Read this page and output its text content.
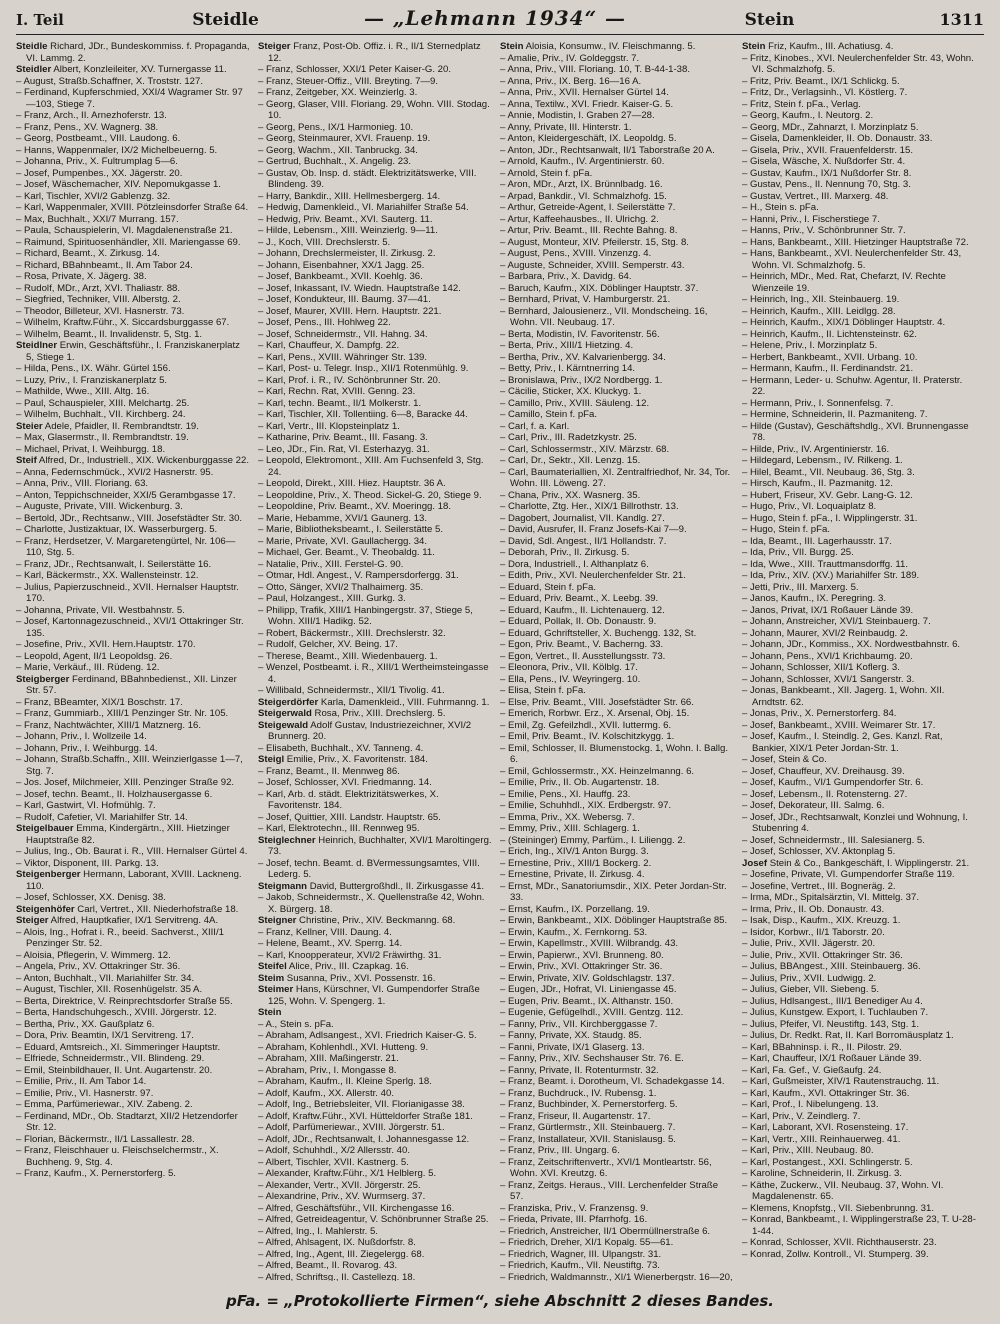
I. Teil	Steidle	— „Lehmann 1934“ —	Stein	1311

Steidle Richard, JDr., Bundeskommiss. f. Propaganda, VI. Lammg. 2.

Steidler Albert, Konzleileiter, XV. Turnergasse 11.

– August, Straßb.Schaffner, X. Troststr. 127.

– Ferdinand, Kupferschmied, XXI/4 Wagramer Str. 97—103, Stiege 7.

– Franz, Arch., II. Arnezhoferstr. 13.

– Franz, Pens., XV. Wagnerg. 38.

– Georg, Postbeamt., VIII. Laudong. 6.

– Hanns, Wappenmaler, IX/2 Michelbeuerng. 5.

– Johanna, Priv., X. Fultrumplag 5—6.

– Josef, Pumpenbes., XX. Jägerstr. 20.

– Josef, Wäschemacher, XIV. Nepomukgasse 1.

– Karl, Tischler, XVI/2 Gablenzg. 32.

– Karl, Wappenmaler, XVIII. Pötzleinsdorfer Straße 64.

– Max, Buchhalt., XXI/7 Murrang. 157.

– Paula, Schauspielerin, VI. Magdalenenstraße 21.

– Raimund, Spirituosenhändler, XII. Mariengasse 69.

– Richard, Beamt., X. Zirkusg. 14.

– Richard, BBahnbeamt., II. Am Tabor 24.

– Rosa, Private, X. Jägerg. 38.

– Rudolf, MDr., Arzt, XVI. Thaliastr. 88.

– Siegfried, Techniker, VIII. Alberstg. 2.

– Theodor, Billeteur, XVI. Hasnerstr. 73.

– Wilhelm, Kraftw.Führ., X. Siccardsburggasse 67.

– Wilhelm, Beamt., II. Invalidenstr. 5, Stg. 1.

Steidlner Erwin, Geschäftsführ., I. Franziskanerplatz 5, Stiege 1.

– Hilda, Pens., IX. Währ. Gürtel 156.

– Luzy, Priv., I. Franziskanerplatz 5.

– Mathilde, Wwe., XIII. Altg. 16.

– Paul, Schauspieler, XIII. Melchartg. 25.

– Wilhelm, Buchhalt., VII. Kirchberg. 24.

Steier Adele, Pfaidler, II. Rembrandtstr. 19.

– Max, Glasermstr., II. Rembrandtstr. 19.

– Michael, Privat, I. Weihburgg. 18.

Steif Alfred, Dr., Industriell., XIX. Wickenburggasse 22.

– Anna, Federnschmück., XVI/2 Hasnerstr. 95.

– Anna, Priv., VIII. Floriang. 63.

– Anton, Teppichschneider, XXI/5 Gerambgasse 17.

– Auguste, Private, VIII. Wickenburg. 3.

– Bertold, JDr., Rechtsanw., VIII. Josefstädter Str. 30.

– Charlotte, Justizaktuar, IX. Wasserburgerg. 5.

– Franz, Herdsetzer, V. Margaretengürtel, Nr. 106—110, Stg. 5.

– Franz, JDr., Rechtsanwalt, I. Seilerstätte 16.

– Karl, Bäckermstr., XX. Wallensteinstr. 12.

– Julius, Papierzuschneid., XVII. Hernalser Hauptstr. 170.

– Johanna, Private, VII. Westbahnstr. 5.

– Josef, Kartonnagezuschneid., XVI/1 Ottakringer Str. 135.

– Josefine, Priv., XVII. Hern.Hauptstr. 170.

– Leopold, Agent, II/1 Leopoldsg. 26.

– Marie, Verkäuf., III. Rüdeng. 12.

Steigberger Ferdinand, BBahnbedienst., XII. Linzer Str. 57.

– Franz, BBeamter, XIX/1 Boschstr. 17.

– Franz, Gummiarb., XIII/1 Penzinger Str. Nr. 105.

– Franz, Nachtwächter, XIII/1 Matznerg. 16.

– Johann, Priv., I. Wollzeile 14.

– Johann, Priv., I. Weihburgg. 14.

– Johann, Straßb.Schaffn., XIII. Weinzierlgasse 1—7, Stg. 7.

– Jos. Josef, Milchmeier, XIII. Penzinger Straße 92.

– Josef, techn. Beamt., II. Holzhausergasse 6.

– Karl, Gastwirt, VI. Hofmühlg. 7.

– Rudolf, Cafetier, VI. Mariahilfer Str. 14.

Steigelbauer Emma, Kindergärtn., XIII. Hietzinger Hauptstraße 82.

– Julius, Ing., Ob. Baurat i. R., VIII. Hernalser Gürtel 4.

– Viktor, Disponent, III. Parkg. 13.

Steigenberger Hermann, Laborant, XVIII. Lackneng. 110.

– Josef, Schlosser, XX. Denisg. 38.

Steigenhöfer Carl, Vertret., XII. Niederhofstraße 18.

Steiger Alfred, Hauptkafier, IX/1 Servitreng. 4A.

– Alois, Ing., Hofrat i. R., beeid. Sachverst., XIII/1 Penzinger Str. 52.

– Aloisia, Pflegerin, V. Wimmerg. 12.

– Angela, Priv., XV. Ottakringer Str. 36.

– Anton, Buchhalt., VII. Mariahilfer Str. 34.

– August, Tischler, XII. Rosenhügelstr. 35 A.

– Berta, Direktrice, V. Reinprechtsdorfer Straße 55.

– Berta, Handschuhgesch., XVIII. Jörgerstr. 12.

– Bertha, Priv., XX. Gaußplatz 6.

– Dora, Priv. Beamtin, IX/1 Servitreng. 17.

– Eduard, Amtsreich., XI. Simmeringer Hauptstr.

– Elfriede, Schneidermstr., VII. Blindeng. 29.

– Emil, Steinbildhauer, II. Unt. Augartenstr. 20.

– Emilie, Priv., II. Am Tabor 14.

– Emilie, Priv., VI. Hasnerstr. 97.

– Emma, Parfümeriewar., XIV. Zabeng. 2.

– Ferdinand, MDr., Ob. Stadtarzt, XII/2 Hetzendorfer Str. 12.

– Florian, Bäckermstr., II/1 Lassallestr. 28.

– Franz, Fleischhauer u. Fleischselchermstr., X. Buchheng. 9, Stg. 4.

– Franz, Kaufm., X. Pernerstorferg. 5.

Steiger Franz, Post-Ob. Offiz. i. R., II/1 Sternedplatz 12.

– Franz, Schlosser, XXI/1 Peter Kaiser-G. 20.

– Franz, Steuer-Offiz., VIII. Breyting. 7—9.

– Franz, Zeitgeber, XX. Weinzierlg. 3.

– Georg, Glaser, VIII. Floriang. 29, Wohn. VIII. Stodag. 10.

– Georg, Pens., IX/1 Harmonieg. 10.

– Georg, Steinmaurer, XVI. Frauenp. 19.

– Georg, Wachm., XII. Tanbruckg. 34.

– Gertrud, Buchhalt., X. Angelig. 23.

– Gustav, Ob. Insp. d. städt. Elektrizitätswerke, VIII. Blindeng. 39.

– Harry, Bankdir., XIII. Hellmesbergerg. 14.

– Hedwig, Damenkleid., VI. Mariahilfer Straße 54.

– Hedwig, Priv. Beamt., XVI. Sauterg. 11.

– Hilde, Lebensm., XIII. Weinzierlg. 9—11.

– J., Koch, VIII. Drechslerstr. 5.

– Johann, Drechslermeister, II. Zirkusg. 2.

– Johann, Eisenbahner, XX/1 Jagg. 25.

– Josef, Bankbeamt., XVII. Koehlg. 36.

– Josef, Inkassant, IV. Wiedn. Hauptstraße 142.

– Josef, Kondukteur, III. Baumg. 37—41.

– Josef, Maurer, XVIII. Hern. Hauptstr. 221.

– Josef, Pens., III. Hohlweg 22.

– Josef, Schneidermstr., VII. Hahng. 34.

– Karl, Chauffeur, X. Dampfg. 22.

– Karl, Pens., XVIII. Währinger Str. 139.

– Karl, Post- u. Telegr. Insp., XII/1 Rotenmühlg. 9.

– Karl, Prof. i. R., IV. Schönbrunner Str. 20.

– Karl, Rechn. Rat, XVIII. Genng. 23.

– Karl, techn. Beamt., II/1 Molkerstr. 1.

– Karl, Tischler, XII. Tollentiing. 6—8, Baracke 44.

– Karl, Vertr., III. Klopsteinplatz 1.

– Katharine, Priv. Beamt., III. Fasang. 3.

– Leo, JDr., Fin. Rat, VI. Esterhazyg. 31.

– Leopold, Elektromont., XIII. Am Fuchsenfeld 3, Stg. 24.

– Leopold, Direkt., XIII. Hiez. Hauptstr. 36 A.

– Leopoldine, Priv., X. Theod. Sickel-G. 20, Stiege 9.

– Leopoldine, Priv. Beamt., XV. Moeringg. 18.

– Marie, Hebamme, XVI/1 Gaunerg. 13.

– Marie, Bibliotheksbeamt., I. Seilerstätte 5.

– Marie, Private, XVI. Gaullachergg. 34.

– Michael, Ger. Beamt., V. Theobaldg. 11.

– Natalie, Priv., XIII. Ferstel-G. 90.

– Otmar, Hdl. Angest., V. Rampersdorfergg. 31.

– Otto, Sänger, XVI/2 Thalhaimerg. 35.

– Paul, Holzangest., XIII. Gurkg. 3.

– Philipp, Trafik, XIII/1 Hanbingergstr. 37, Stiege 5, Wohn. XIII/1 Hadikg. 52.

– Robert, Bäckermstr., XIII. Drechslerstr. 32.

– Rudolf, Gelcher, XV. Being. 17.

– Therese, Beamt., XIII. Wiedenbauerg. 1.

– Wenzel, Postbeamt. i. R., XIII/1 Wertheimsteingasse 4.

– Willibald, Schneidermstr., XII/1 Tivolig. 41.

Steigerdörfer Karla, Damenkleid., VIII. Fuhrmanng. 1.

Steigerwald Rosa, Priv., XIII. Drechslerg. 5.

Steigewald Adolf Gustav, Industriezeichner, XVI/2 Brunnerg. 20.

– Elisabeth, Buchhalt., XV. Tanneng. 4.

Steigl Emilie, Priv., X. Favoritenstr. 184.

– Franz, Beamt., II. Mennweg 86.

– Josef, Schlosser, XVI. Friedmanng. 14.

– Karl, Arb. d. städt. Elektrizitätswerkes, X. Favoritenstr. 184.

– Josef, Quittier, XIII. Landstr. Hauptstr. 65.

– Karl, Elektrotechn., III. Rennweg 95.

Steiglechner Heinrich, Buchhalter, XVI/1 Maroltingerg. 73.

– Josef, techn. Beamt. d. BVermessungsamtes, VIII. Lederg. 5.

Steigmann David, Buttergroßhdl., II. Zirkusgasse 41.

– Jakob, Schneidermstr., X. Quellenstraße 42, Wohn. X. Bürgerg. 18.

Steigner Christine, Priv., XIV. Beckmanng. 68.

– Franz, Kellner, VIII. Daung. 4.

– Helene, Beamt., XV. Sperrg. 14.

– Karl, Knoopperateur, XVI/2 Fräwirthg. 31.

Steifel Alice, Priv., III. Czapkag. 16.

Steim Susanna, Priv., XVI. Possenstr. 16.

Steimer Hans, Kürschner, VI. Gumpendorfer Straße 125, Wohn. V. Spengerg. 1.

Stein

– A., Stein s. pFa.

– Abraham, Adlsangest., XVI. Friedrich Kaiser-G. 5.

– Abraham, Kohlenhdl., XVI. Hutteng. 9.

– Abraham, XIII. Maßingerstr. 21.

– Abraham, Priv., I. Mongasse 8.

– Abraham, Kaufm., II. Kleine Sperlg. 18.

– Adolf, Kaufm., XX. Allerstr. 40.

– Adolf, Ing., Betriebsleiter, VII. Florianigasse 38.

– Adolf, Kraftw.Führ., XVI. Hütteldorfer Straße 181.

– Adolf, Parfümeriewar., XVIII. Jörgerstr. 51.

– Adolf, JDr., Rechtsanwalt, I. Johannesgasse 12.

– Adolf, Schuhhdl., X/2 Allersstr. 40.

– Albert, Tischler, XVII. Kastnerg. 5.

– Alexander, Kraftw.Führ., X/1 Helblerg. 5.

– Alexander, Vertr., XVII. Jörgerstr. 25.

– Alexandrine, Priv., XV. Wurmserg. 37.

– Alfred, Geschäftsführ., VII. Kirchengasse 16.

– Alfred, Getreideagentur, V. Schönbrunner Straße 25.

– Alfred, Ing., I. Mahlerstr. 5.

– Alfred, Ahlsagent, IX. Nußdorfstr. 8.

– Alfred, Ing., Agent, III. Ziegelergg. 68.

– Alfred, Beamt., II. Rovarog. 43.

– Alfred, Schriftsg., II. Castellezg. 18.

Stein Aloisia, Konsumw., IV. Fleischmanng. 5.

– Amalie, Priv., IV. Goldeggstr. 7.

– Anna, Priv., VIII. Floriang. 10, T. B-44-1-38.

– Anna, Priv., IX. Berg. 16—16 A.

– Anna, Priv., XVII. Hernalser Gürtel 14.

– Anna, Textilw., XVI. Friedr. Kaiser-G. 5.

– Annie, Modistin, I. Graben 27—28.

– Anny, Private, III. Hinterstr. 1.

– Anton, Kleidergeschäft, IX. Leopoldg. 5.

– Anton, JDr., Rechtsanwalt, II/1 Taborstraße 20 A.

– Arnold, Kaufm., IV. Argentinierstr. 60.

– Arnold, Stein f. pFa.

– Aron, MDr., Arzt, IX. Brünnlbadg. 16.

– Arpad, Bankdir., VI. Schmalzhofg. 15.

– Arthur, Getreide-Agent, I. Seilerstätte 7.

– Artur, Kaffeehausbes., II. Ulrichg. 2.

– Artur, Priv. Beamt., III. Rechte Bahng. 8.

– August, Monteur, XIV. Pfeilerstr. 15, Stg. 8.

– August, Pens., XVIII. Vinzenzg. 4.

– Auguste, Schneider, XVIII. Semperstr. 43.

– Barbara, Priv., X. Davidg. 64.

– Baruch, Kaufm., XIX. Döblinger Hauptstr. 37.

– Bernhard, Privat, V. Hamburgerstr. 21.

– Bernhard, Jalousienerz., VII. Mondscheing. 16, Wohn. VII. Neubaug. 17.

– Berta, Modistin, IV. Favoritenstr. 56.

– Berta, Priv., XIII/1 Hietzing. 4.

– Bertha, Priv., XV. Kalvarienbergg. 34.

– Betty, Priv., I. Kärntnerring 14.

– Bronislawa, Priv., IX/2 Nordbergg. 1.

– Cäcilie, Sticker, XX. Kluckyg. 1.

– Camillo, Priv., XVIII. Säuleng. 12.

– Camillo, Stein f. pFa.

– Carl, f. a. Karl.

– Carl, Priv., III. Radetzkystr. 25.

– Carl, Schlossermstr., XIV. Märzstr. 68.

– Carl, Dr., Sektr., XII. Lenzg. 15.

– Carl, Baumateriallien, XI. Zentralfriedhof, Nr. 34, Tor. Wohn. III. Löweng. 27.

– Chana, Priv., XX. Wasnerg. 35.

– Charlotte, Ztg. Her., XIX/1 Billrothstr. 13.

– Dagobert, Journalist, VII. Kandlg. 27.

– David, Ausrufer, II. Franz Josefs-Kai 7—9.

– David, Sdl. Angest., II/1 Hollandstr. 7.

– Deborah, Priv., II. Zirkusg. 5.

– Dora, Industriell., I. Althanplatz 6.

– Edith, Priv., XVI. Neulerchenfelder Str. 21.

– Eduard, Stein f. pFa.

– Eduard, Priv. Beamt., X. Leebg. 39.

– Eduard, Kaufm., II. Lichtenauerg. 12.

– Eduard, Pollak, II. Ob. Donaustr. 9.

– Eduard, Gchriftsteller, X. Buchengg. 132, St.

– Egon, Priv. Beamt., V. Bacherng. 33.

– Egon, Vertret., II. Ausstellungsstr. 73.

– Eleonora, Priv., VII. Kölblg. 17.

– Ella, Pens., IV. Weyringerg. 10.

– Elisa, Stein f. pFa.

– Else, Priv. Beamt., VIII. Josefstädter Str. 66.

– Emerich, Rorbwr. Erz., X. Arsenal, Obj. 15.

– Emil, Zg. Gefeilzhdl., XVII. Iuttermg. 6.

– Emil, Priv. Beamt., IV. Kolschitzkygg. 1.

– Emil, Schlosser, II. Blumenstockg. 1, Wohn. I. Ballg. 6.

– Emil, Gchlossermstr., XX. Heinzelmanng. 6.

– Emilie, Priv., II. Ob. Augartenstr. 18.

– Emilie, Pens., XI. Hauffg. 23.

– Emilie, Schuhhdl., XIX. Erdbergstr. 97.

– Emma, Priv., XX. Webersg. 7.

– Emmy, Priv., XIII. Schlagerg. 1.

– (Steininger) Emmy, Parfüm., I. Liliengg. 2.

– Erich, Ing., XIV/1 Anton Burgg. 3.

– Ernestine, Priv., XIII/1 Bockerg. 2.

– Ernestine, Private, II. Zirkusg. 4.

– Ernst, MDr., Sanatoriumsdir., XIX. Peter Jordan-Str. 33.

– Ernst, Kaufm., IX. Porzellang. 19.

– Erwin, Bankbeamt., XIX. Döblinger Hauptstraße 85.

– Erwin, Kaufm., X. Fernkorng. 53.

– Erwin, Kapellmstr., XVIII. Wilbrandg. 43.

– Erwin, Papierwr., XVI. Brunneng. 80.

– Erwin, Priv., XVI. Ottakringer Str. 36.

– Erwin, Private, XIV. Goldschlagstr. 137.

– Eugen, JDr., Hofrat, VI. Liniengasse 45.

– Eugen, Priv. Beamt., IX. Althanstr. 150.

– Eugenie, Gefügelhdl., XVIII. Gentzg. 112.

– Fanny, Priv., VII. Kirchberggasse 7.

– Fanny, Private, XX. Staudg. 85.

– Fanni, Private, IX/1 Glaserg. 13.

– Fanny, Priv., XIV. Sechshauser Str. 76. E.

– Fanny, Private, II. Rotenturmstr. 32.

– Franz, Beamt. i. Dorotheum, VI. Schadekgasse 14.

– Franz, Buchdruck., IV. Rubensg. 1.

– Franz, Buchbinder, X. Pernerstorferg. 5.

– Franz, Friseur, II. Augartenstr. 17.

– Franz, Gürtlermstr., XII. Steinbauerg. 7.

– Franz, Installateur, XVII. Stanislausg. 5.

– Franz, Priv., III. Ungarg. 6.

– Franz, Zeitschriftenvertr., XVI/1 Montleartstr. 56, Wohn. XVI. Kreutzg. 6.

– Franz, Zeitgs. Heraus., VIII. Lerchenfelder Straße 57.

– Franziska, Priv., V. Franzensg. 9.

– Frieda, Private, III. Pfarrhofg. 16.

– Friedrich, Anstreicher, II/1 Obermüllnerstraße 6.

– Friedrich, Dreher, XI/1 Kopalg. 55—61.

– Friedrich, Wagner, III. Ulpangstr. 31.

– Friedrich, Kaufm., VII. Neustiftg. 73.

– Friedrich, Waldmannstr., XI/1 Wienerbergstr. 16—20,

Stein Friz, Kaufm., III. Achatiusg. 4.

– Fritz, Kinobes., XVI. Neulerchenfelder Str. 43, Wohn. VI. Schmalzhofg. 5.

– Fritz, Priv. Beamt., IX/1 Schlickg. 5.

– Fritz, Dr., Verlagsinh., VI. Köstlerg. 7.

– Fritz, Stein f. pFa., Verlag.

– Georg, Kaufm., I. Neutorg. 2.

– Georg, MDr., Zahnarzt, I. Morzinplatz 5.

– Gisela, Damenkleider, II. Ob. Donaustr. 33.

– Gisela, Priv., XVII. Frauenfelderstr. 15.

– Gisela, Wäsche, X. Nußdorfer Str. 4.

– Gustav, Kaufm., IX/1 Nußdorfer Str. 8.

– Gustav, Pens., II. Nennung 70, Stg. 3.

– Gustav, Vertret., III. Marxerg. 48.

– H., Stein s. pFa.

– Hanni, Priv., I. Fischerstiege 7.

– Hanns, Priv., V. Schönbrunner Str. 7.

– Hans, Bankbeamt., XIII. Hietzinger Hauptstraße 72.

– Hans, Bankbeamt., XVI. Neulerchenfelder Str. 43, Wohn. VI. Schmalzhofg. 5.

– Heinrich, MDr., Med. Rat, Chefarzt, IV. Rechte Wienzeile 19.

– Heinrich, Ing., XII. Steinbauerg. 19.

– Heinrich, Kaufm., XIII. Leidlgg. 28.

– Heinrich, Kaufm., XIX/1 Döblinger Hauptstr. 4.

– Heinrich, Kaufm., II. Lichtensteinstr. 62.

– Helene, Priv., I. Morzinplatz 5.

– Herbert, Bankbeamt., XVII. Urbang. 10.

– Hermann, Kaufm., II. Ferdinandstr. 21.

– Hermann, Leder- u. Schuhw. Agentur, II. Praterstr. 22.

– Hermann, Priv., I. Sonnenfelsg. 7.

– Hermine, Schneiderin, II. Pazmaniteng. 7.

– Hilde (Gustav), Geschäftshdlg., XVI. Brunnengasse 78.

– Hilde, Priv., IV. Argentinierstr. 16.

– Hildegard, Lebensm., IV. Rilkeng. 1.

– Hilel, Beamt., VII. Neubaug. 36, Stg. 3.

– Hirsch, Kaufm., II. Pazmanitg. 12.

– Hubert, Friseur, XV. Gebr. Lang-G. 12.

– Hugo, Priv., VI. Loquaiplatz 8.

– Hugo, Stein f. pFa., I. Wipplingerstr. 31.

– Hugo, Stein f. pFa.

– Ida, Beamt., III. Lagerhausstr. 17.

– Ida, Priv., VII. Burgg. 25.

– Ida, Wwe., XIII. Trauttmansdorffg. 11.

– Ida, Priv., XIV. (XV.) Mariahilfer Str. 189.

– Jetti, Priv., III. Marxerg. 5.

– Janos, Kaufm., IX. Peregring. 3.

– Janos, Privat, IX/1 Roßauer Lände 39.

– Johann, Anstreicher, XVI/1 Steinbauerg. 7.

– Johann, Maurer, XVI/2 Reinbaudg. 2.

– Johann, JDr., Kommiss., XX. Nordwestbahnstr. 6.

– Johann, Pens., XVI/1 Krichbaumg. 20.

– Johann, Schlosser, XII/1 Koflerg. 3.

– Johann, Schlosser, XVI/1 Sangerstr. 3.

– Jonas, Bankbeamt., XII. Jagerg. 1, Wohn. XII. Arndtstr. 62.

– Jonas, Priv., X. Pernerstorferg. 84.

– Josef, Bankbeamt., XVIII. Weimarer Str. 17.

– Josef, Kaufm., I. Steindlg. 2, Ges. Kanzl. Rat, Bankier, XIX/1 Peter Jordan-Str. 1.

– Josef, Stein & Co.

– Josef, Chauffeur, XV. Dreihausg. 39.

– Josef, Kaufm., VI/1 Gumpendorfer Str. 6.

– Josef, Lebensm., II. Rotensterng. 27.

– Josef, Dekorateur, III. Salmg. 6.

– Josef, JDr., Rechtsanwalt, Konzlei und Wohnung, I. Stubenring 4.

– Josef, Schneidermstr., III. Salesianerg. 5.

– Josef, Schlosser, XV. Aktonplag 5.

Josef Stein & Co., Bankgeschäft, I. Wipplingerstr. 21.

– Josefine, Private, VI. Gumpendorfer Straße 119.

– Josefine, Vertret., III. Bogneräg. 2.

– Irma, MDr., Spitalsärztin, VI. Mittelg. 37.

– Irma, Priv., II. Ob. Donaustr. 43.

– Isak, Disp., Kaufm., XIX. Kreuzg. 1.

– Isidor, Korbwr., II/1 Taborstr. 20.

– Julie, Priv., XVII. Jägerstr. 20.

– Julie, Priv., XVII. Ottakringer Str. 36.

– Julius, BBAngest., XIII. Steinbauerg. 36.

– Julius, Priv., XVII. Ludwigg. 2.

– Julius, Gieber, VII. Siebeng. 5.

– Julius, Hdlsangest., III/1 Benediger Au 4.

– Julius, Kunstgew. Export, I. Tuchlauben 7.

– Julius, Pfeifer, VI. Neustiftg. 143, Stg. 1.

– Julius, Dr. Redkt. Rat, II. Karl Borromäusplatz 1.

– Karl, BBahninsp. i. R., II. Pilostr. 29.

– Karl, Chauffeur, IX/1 Roßauer Lände 39.

– Karl, Fa. Gef., V. Gießaufg. 24.

– Karl, Gußmeister, XIV/1 Rautenstrauchg. 11.

– Karl, Kaufm., XVI. Ottakringer Str. 36.

– Karl, Prof., I. Nibelungeng. 13.

– Karl, Priv., V. Zeindlerg. 7.

– Karl, Laborant, XVI. Rosensteing. 17.

– Karl, Vertr., XIII. Reinhauerweg. 41.

– Karl, Priv., XIII. Neubaug. 80.

– Karl, Postangest., XXI. Schlingerstr. 5.

– Karoline, Schneiderin, II. Zirkusg. 3.

– Käthe, Zuckerw., VII. Neubaug. 37, Wohn. VI. Magdalenenstr. 65.

– Klemens, Knopfstg., VII. Siebenbrunng. 31.

– Konrad, Bankbeamt., I. Wipplingerstraße 23, T. U-28-1-44.

– Konrad, Schlosser, XVII. Richthauserstr. 23.

– Konrad, Zollw. Kontroll., VI. Stumperg. 39.

pFa. = „Protokollierte Firmen“, siehe Abschnitt 2 dieses Bandes.
